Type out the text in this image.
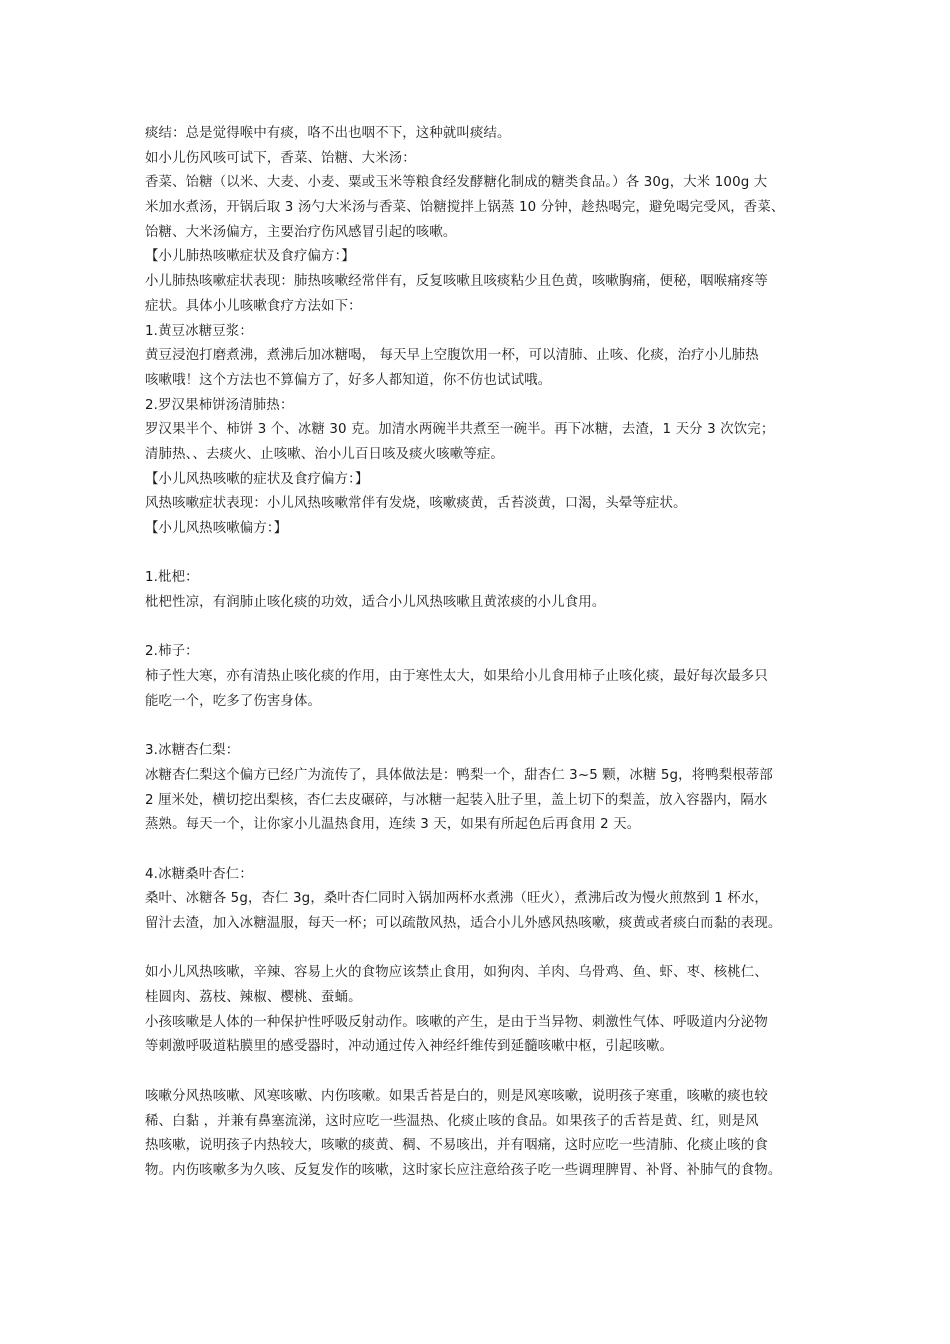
痰结：总是觉得喉中有痰，咯不出也咽不下，这种就叫痰结。
如小儿伤风咳可试下，香菜、饴糖、大米汤：
香菜、饴糖（以米、大麦、小麦、粟或玉米等粮食经发酵糖化制成的糖类食品。）各 30g，大米 100g 大
米加水煮汤，开锅后取 3 汤勺大米汤与香菜、饴糖搅拌上锅蒸 10 分钟，趁热喝完，避免喝完受风，香菜、
饴糖、大米汤偏方，主要治疗伤风感冒引起的咳嗽。
【小儿肺热咳嗽症状及食疗偏方：】
小儿肺热咳嗽症状表现：肺热咳嗽经常伴有，反复咳嗽且咳痰粘少且色黄，咳嗽胸痛，便秘，咽喉痛疼等
症状。具体小儿咳嗽食疗方法如下：
1.黄豆冰糖豆浆：
黄豆浸泡打磨煮沸，煮沸后加冰糖喝， 每天早上空腹饮用一杯，可以清肺、止咳、化痰，治疗小儿肺热
咳嗽哦！这个方法也不算偏方了，好多人都知道，你不仿也试试哦。
2.罗汉果柿饼汤清肺热：
罗汉果半个、柿饼 3 个、冰糖 30 克。加清水两碗半共煮至一碗半。再下冰糖，去渣，1 天分 3 次饮完；
清肺热、、去痰火、止咳嗽、治小儿百日咳及痰火咳嗽等症。
【小儿风热咳嗽的症状及食疗偏方：】
风热咳嗽症状表现：小儿风热咳嗽常伴有发烧，咳嗽痰黄，舌苔淡黄，口渴，头晕等症状。
【小儿风热咳嗽偏方：】
1.枇杷：
枇杷性凉，有润肺止咳化痰的功效，适合小儿风热咳嗽且黄浓痰的小儿食用。
2.柿子：
柿子性大寒，亦有清热止咳化痰的作用，由于寒性太大，如果给小儿食用柿子止咳化痰，最好每次最多只
能吃一个，吃多了伤害身体。
3.冰糖杏仁梨：
冰糖杏仁梨这个偏方已经广为流传了，具体做法是：鸭梨一个，甜杏仁 3~5 颗，冰糖 5g，将鸭梨根蒂部
2 厘米处，横切挖出梨核，杏仁去皮碾碎，与冰糖一起装入肚子里，盖上切下的梨盖，放入容器内，隔水
蒸熟。每天一个，让你家小儿温热食用，连续 3 天，如果有所起色后再食用 2 天。
4.冰糖桑叶杏仁：
桑叶、冰糖各 5g，杏仁 3g，桑叶杏仁同时入锅加两杯水煮沸（旺火），煮沸后改为慢火煎熬到 1 杯水，
留汁去渣，加入冰糖温服，每天一杯；可以疏散风热，适合小儿外感风热咳嗽，痰黄或者痰白而黏的表现。
如小儿风热咳嗽，辛辣、容易上火的食物应该禁止食用，如狗肉、羊肉、乌骨鸡、鱼、虾、枣、核桃仁、
桂圆肉、荔枝、辣椒、樱桃、蚕蛹。
小孩咳嗽是人体的一种保护性呼吸反射动作。咳嗽的产生，是由于当异物、刺激性气体、呼吸道内分泌物
等刺激呼吸道粘膜里的感受器时，冲动通过传入神经纤维传到延髓咳嗽中枢，引起咳嗽。
咳嗽分风热咳嗽、风寒咳嗽、内伤咳嗽。如果舌苔是白的，则是风寒咳嗽，说明孩子寒重，咳嗽的痰也较
稀、白黏 ，并兼有鼻塞流涕，这时应吃一些温热、化痰止咳的食品。如果孩子的舌苔是黄、红，则是风
热咳嗽，说明孩子内热较大，咳嗽的痰黄、稠、不易咳出，并有咽痛，这时应吃一些清肺、化痰止咳的食
物。内伤咳嗽多为久咳、反复发作的咳嗽，这时家长应注意给孩子吃一些调理脾胃、补肾、补肺气的食物。
